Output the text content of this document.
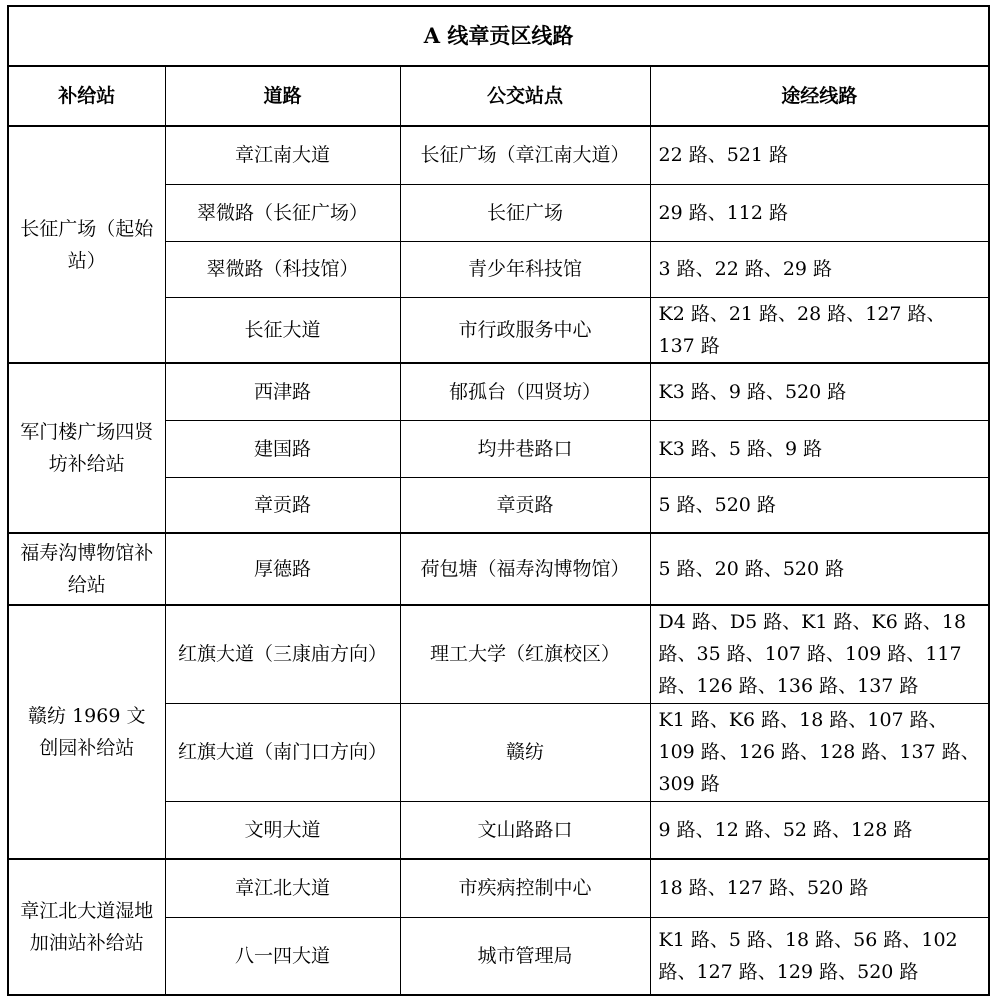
A 线章贡区线路			
补给站	道路	公交站点	途经线路
长征广场（起始站）	章江南大道	长征广场（章江南大道）	22 路、521 路
	翠微路（长征广场）	长征广场	29 路、112 路
	翠微路（科技馆）	青少年科技馆	3 路、22 路、29 路
	长征大道	市行政服务中心	K2 路、21 路、28 路、127 路、137 路
军门楼广场四贤坊补给站	西津路	郁孤台（四贤坊）	K3 路、9 路、520 路
	建国路	均井巷路口	K3 路、5 路、9 路
	章贡路	章贡路	5 路、520 路
福寿沟博物馆补给站	厚德路	荷包塘（福寿沟博物馆）	5 路、20 路、520 路
赣纺 1969 文创园补给站	红旗大道（三康庙方向）	理工大学（红旗校区）	D4 路、D5 路、K1 路、K6 路、18 路、35 路、107 路、109 路、117 路、126 路、136 路、137 路
	红旗大道（南门口方向）	赣纺	K1 路、K6 路、18 路、107 路、109 路、126 路、128 路、137 路、309 路
	文明大道	文山路路口	9 路、12 路、52 路、128 路
章江北大道湿地加油站补给站	章江北大道	市疾病控制中心	18 路、127 路、520 路
	八一四大道	城市管理局	K1 路、5 路、18 路、56 路、102 路、127 路、129 路、520 路
